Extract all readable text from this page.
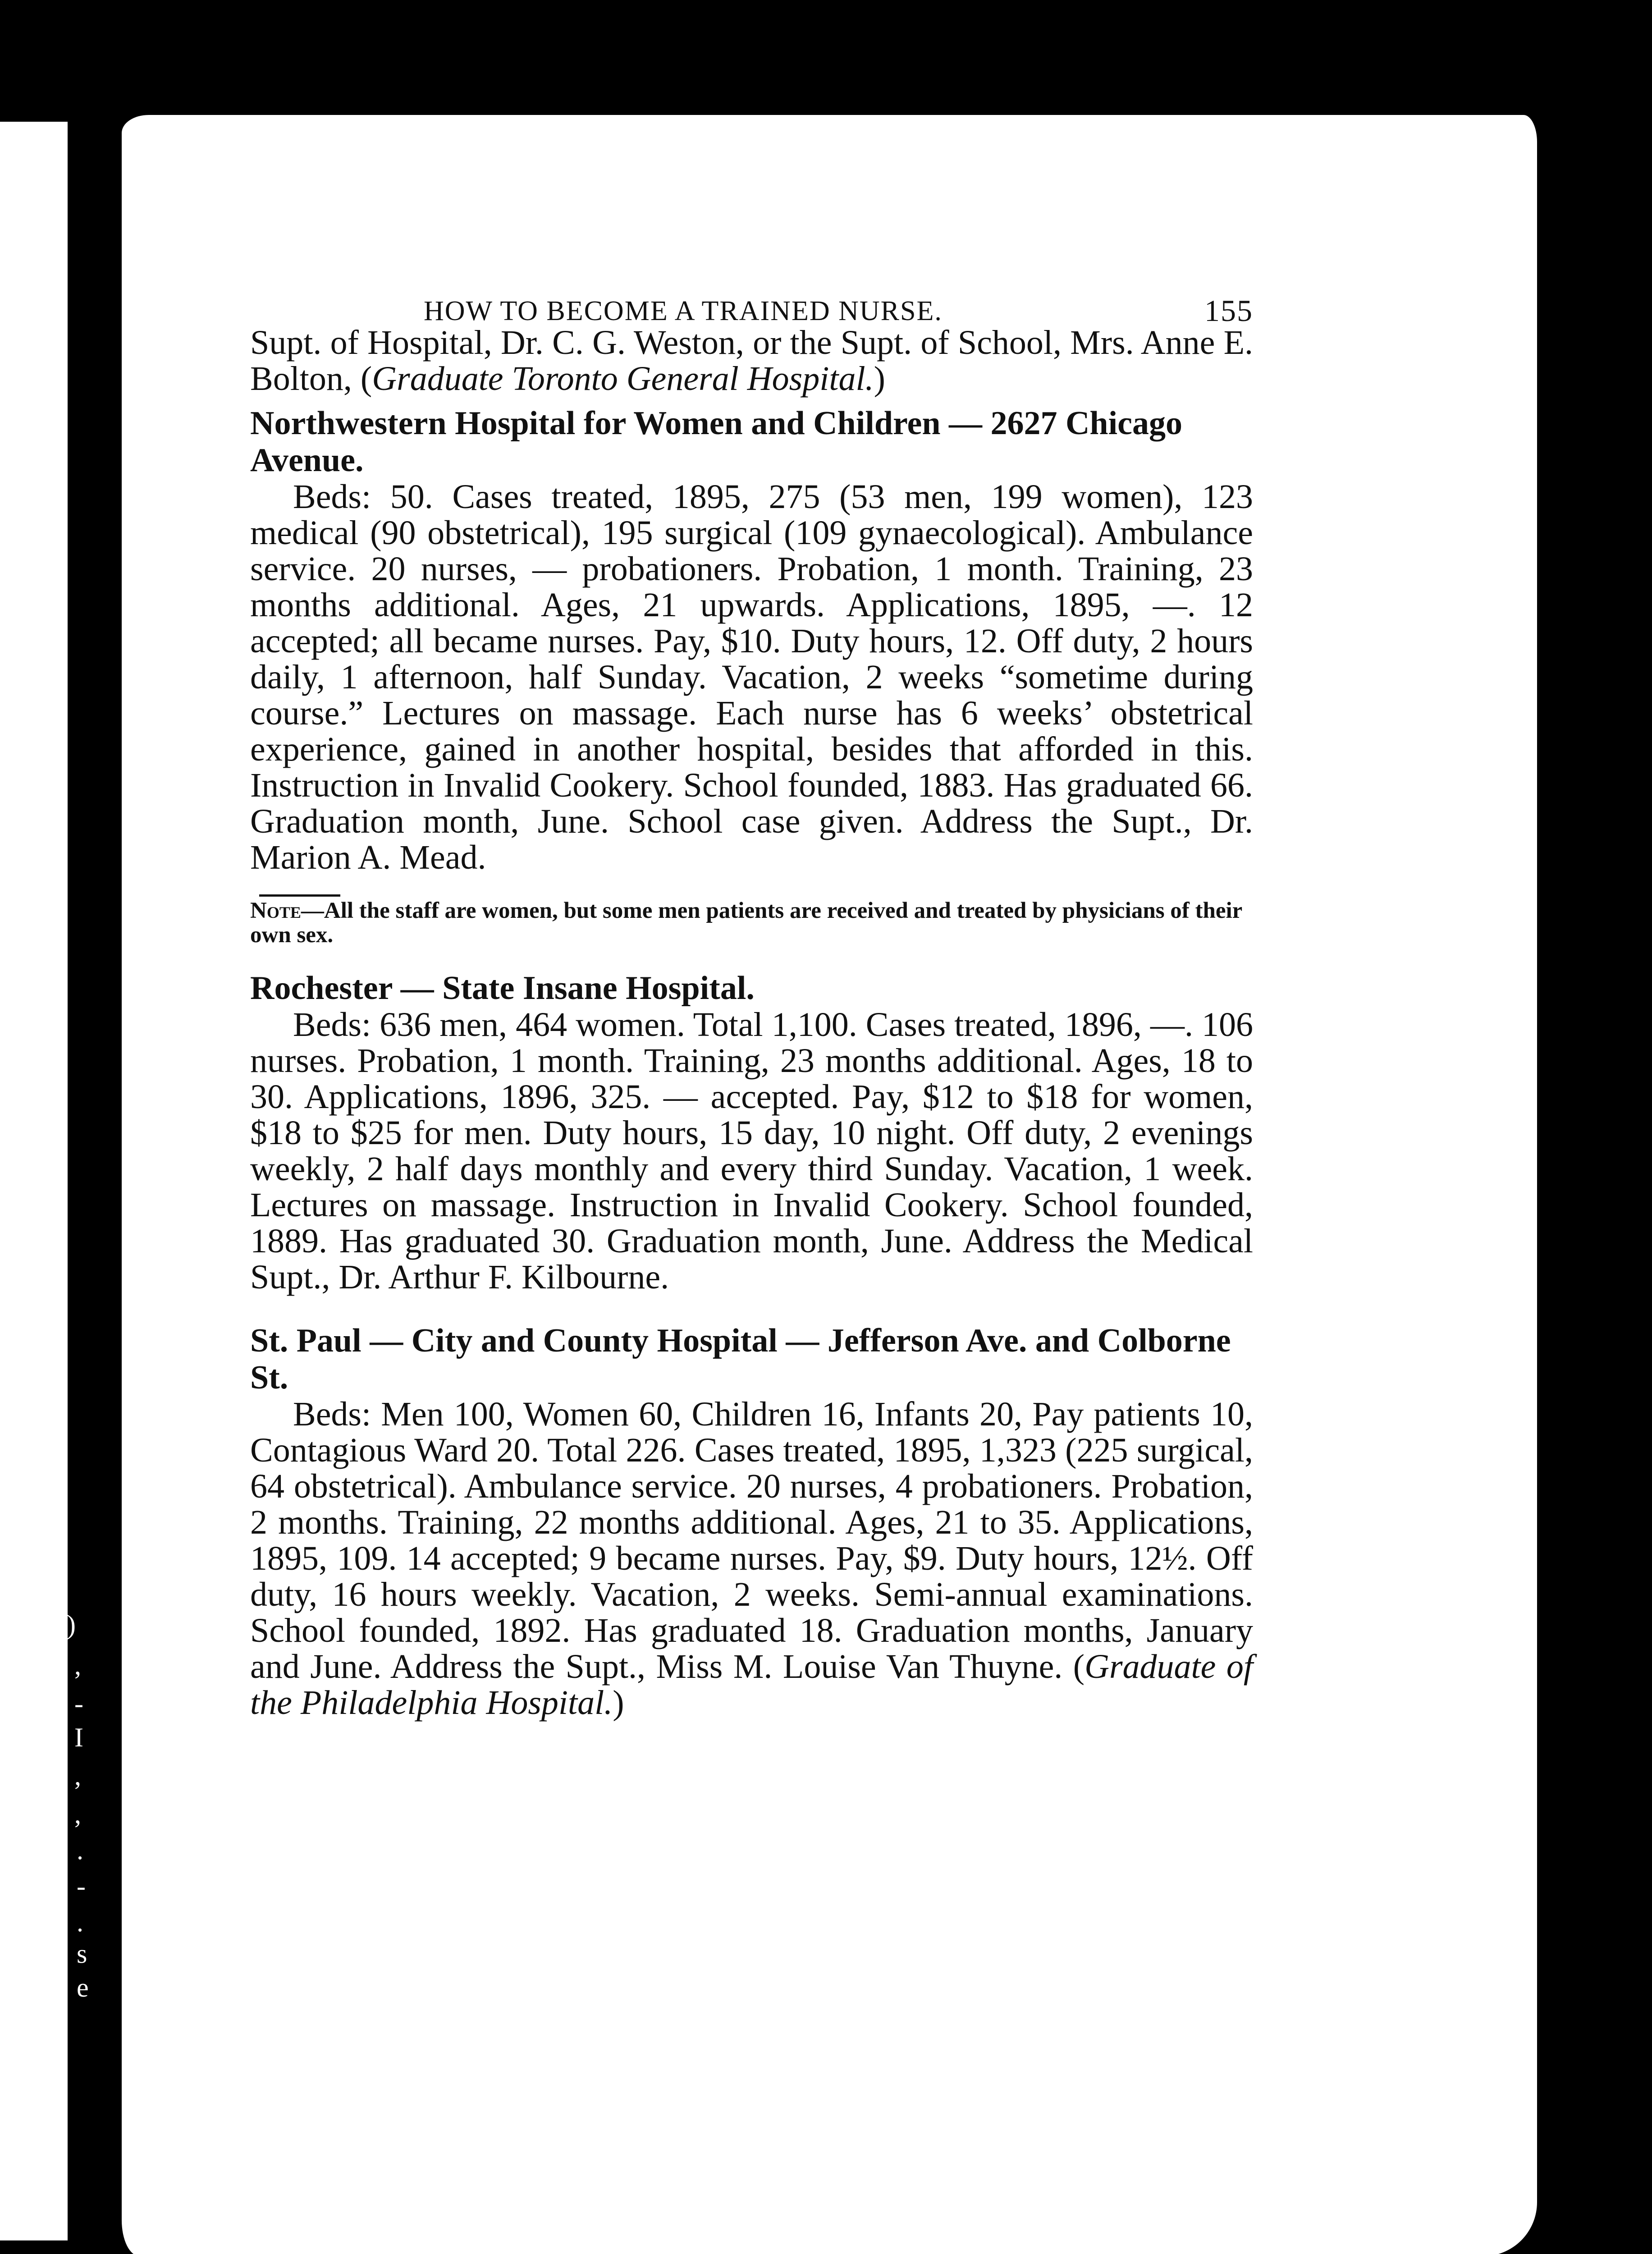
)
,
-
I
,
,
.
-
.
s
e
HOW TO BECOME A TRAINED NURSE.	155

Supt. of Hospital, Dr. C. G. Weston, or the Supt. of School, Mrs. Anne E. Bolton, (Graduate Toronto General Hospital.)

Northwestern Hospital for Women and Children — 2627 Chicago Avenue.

Beds: 50. Cases treated, 1895, 275 (53 men, 199 women), 123 medical (90 obstetrical), 195 surgical (109 gynaecological). Ambulance service. 20 nurses, — probationers. Probation, 1 month. Training, 23 months additional. Ages, 21 upwards. Applications, 1895, —. 12 accepted; all became nurses. Pay, $10. Duty hours, 12. Off duty, 2 hours daily, 1 afternoon, half Sunday. Vacation, 2 weeks “sometime during course.” Lectures on massage. Each nurse has 6 weeks’ obstetrical experience, gained in another hospital, besides that afforded in this. Instruction in Invalid Cookery. School founded, 1883. Has graduated 66. Graduation month, June. School case given. Address the Supt., Dr. Marion A. Mead.

Note—All the staff are women, but some men patients are received and treated by physicians of their own sex.

Rochester — State Insane Hospital.

Beds: 636 men, 464 women. Total 1,100. Cases treated, 1896, —. 106 nurses. Probation, 1 month. Training, 23 months additional. Ages, 18 to 30. Applications, 1896, 325. — accepted. Pay, $12 to $18 for women, $18 to $25 for men. Duty hours, 15 day, 10 night. Off duty, 2 evenings weekly, 2 half days monthly and every third Sunday. Vacation, 1 week. Lectures on massage. Instruction in Invalid Cookery. School founded, 1889. Has graduated 30. Graduation month, June. Address the Medical Supt., Dr. Arthur F. Kilbourne.

St. Paul — City and County Hospital — Jefferson Ave. and Colborne St.

Beds: Men 100, Women 60, Children 16, Infants 20, Pay patients 10, Contagious Ward 20. Total 226. Cases treated, 1895, 1,323 (225 surgical, 64 obstetrical). Ambulance service. 20 nurses, 4 probationers. Probation, 2 months. Training, 22 months additional. Ages, 21 to 35. Applications, 1895, 109. 14 accepted; 9 became nurses. Pay, $9. Duty hours, 12½. Off duty, 16 hours weekly. Vacation, 2 weeks. Semi-annual examinations. School founded, 1892. Has graduated 18. Graduation months, January and June. Address the Supt., Miss M. Louise Van Thuyne. (Graduate of the Philadelphia Hospital.)
